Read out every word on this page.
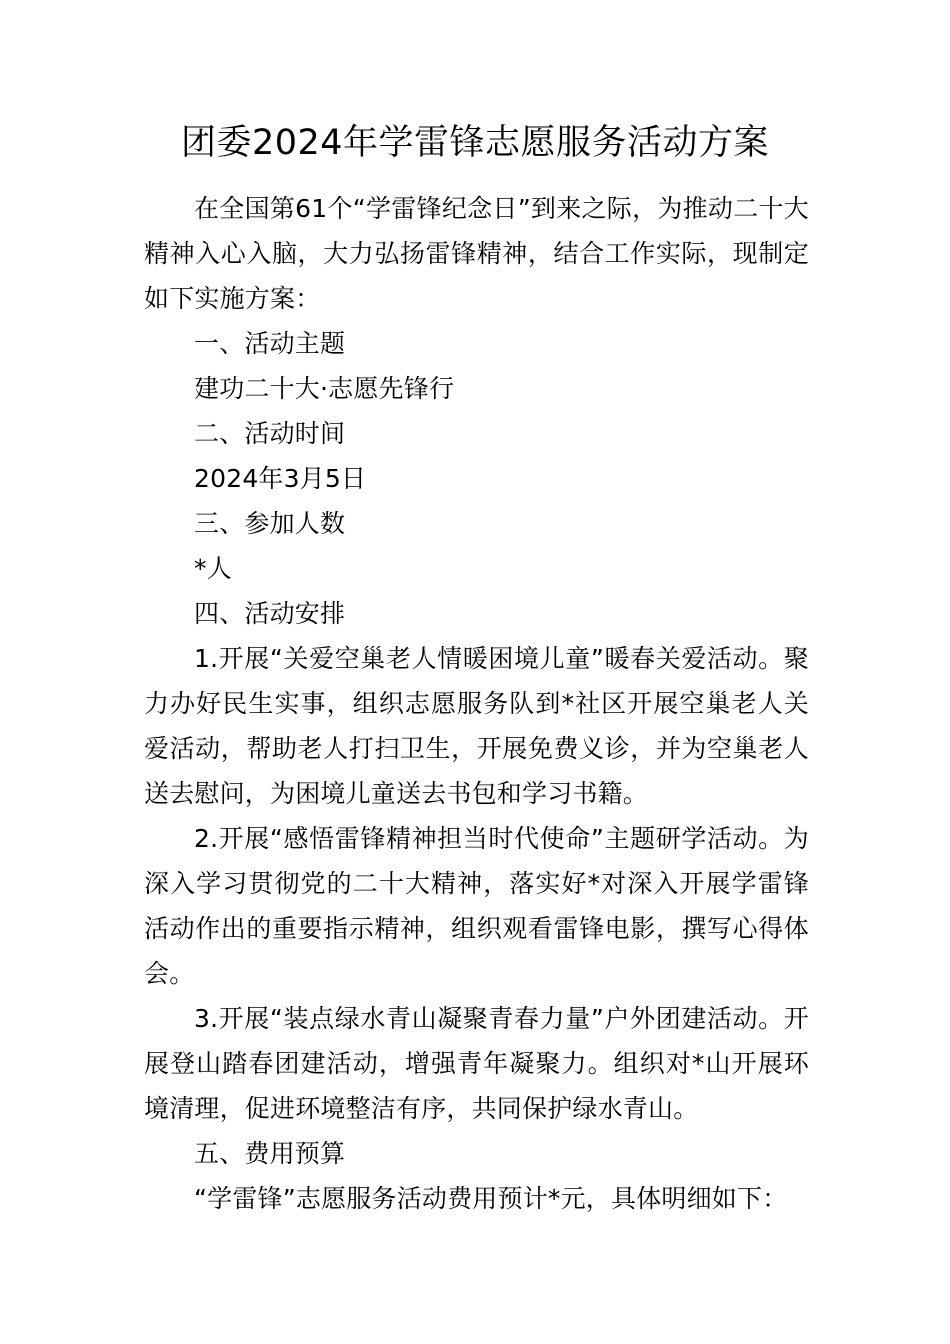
团委2024年学雷锋志愿服务活动方案

在全国第61个“学雷锋纪念日”到来之际，为推动二十大精神入心入脑，大力弘扬雷锋精神，结合工作实际，现制定如下实施方案：

一、活动主题

建功二十大·志愿先锋行

二、活动时间

2024年3月5日

三、参加人数

*人

四、活动安排

1.开展“关爱空巢老人情暖困境儿童”暖春关爱活动。聚力办好民生实事，组织志愿服务队到*社区开展空巢老人关爱活动，帮助老人打扫卫生，开展免费义诊，并为空巢老人送去慰问，为困境儿童送去书包和学习书籍。

2.开展“感悟雷锋精神担当时代使命”主题研学活动。为深入学习贯彻党的二十大精神，落实好*对深入开展学雷锋活动作出的重要指示精神，组织观看雷锋电影，撰写心得体会。

3.开展“装点绿水青山凝聚青春力量”户外团建活动。开展登山踏春团建活动，增强青年凝聚力。组织对*山开展环境清理，促进环境整洁有序，共同保护绿水青山。

五、费用预算

“学雷锋”志愿服务活动费用预计*元，具体明细如下：
